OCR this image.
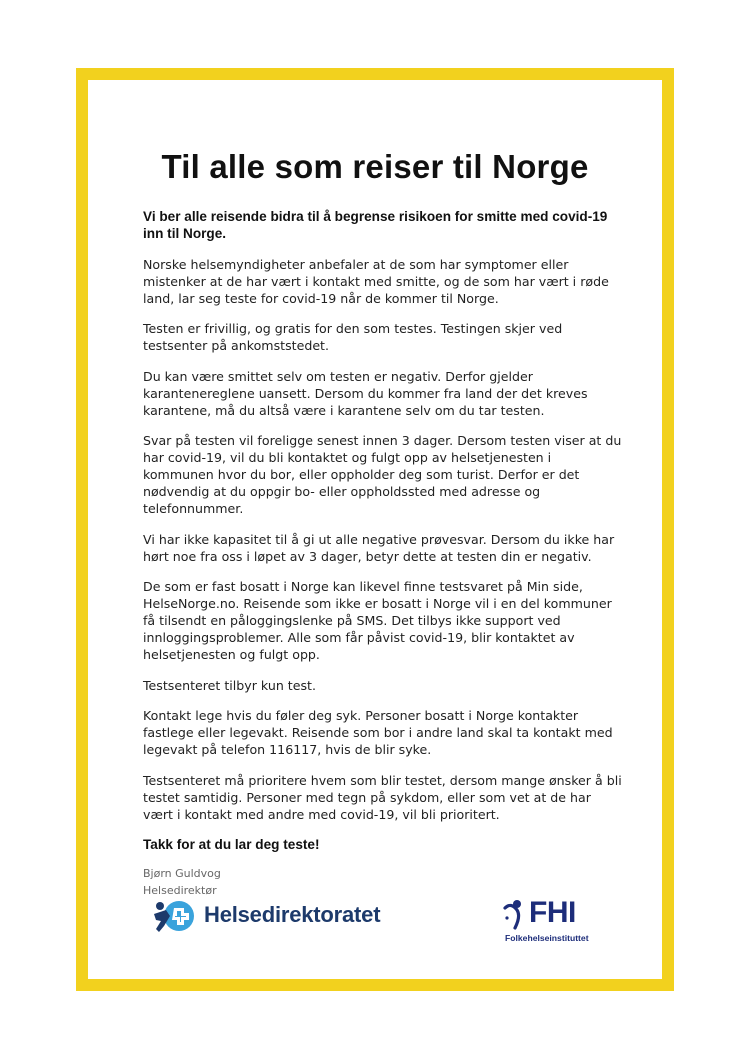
Til alle som reiser til Norge

Vi ber alle reisende bidra til å begrense risikoen for smitte med covid-19 inn til Norge.

Norske helsemyndigheter anbefaler at de som har symptomer eller mistenker at de har vært i kontakt med smitte, og de som har vært i røde land, lar seg teste for covid-19 når de kommer til Norge.

Testen er frivillig, og gratis for den som testes. Testingen skjer ved testsenter på ankomststedet.

Du kan være smittet selv om testen er negativ. Derfor gjelder karantenereglene uansett. Dersom du kommer fra land der det kreves karantene, må du altså være i karantene selv om du tar testen.

Svar på testen vil foreligge senest innen 3 dager. Dersom testen viser at du har covid-19, vil du bli kontaktet og fulgt opp av helsetjenesten i kommunen hvor du bor, eller oppholder deg som turist. Derfor er det nødvendig at du oppgir bo- eller oppholdssted med adresse og telefonnummer.

Vi har ikke kapasitet til å gi ut alle negative prøvesvar. Dersom du ikke har hørt noe fra oss i løpet av 3 dager, betyr dette at testen din er negativ.

De som er fast bosatt i Norge kan likevel finne testsvaret på Min side, HelseNorge.no. Reisende som ikke er bosatt i Norge vil i en del kommuner få tilsendt en påloggingslenke på SMS. Det tilbys ikke support ved innloggingsproblemer. Alle som får påvist covid-19, blir kontaktet av helsetjenesten og fulgt opp.

Testsenteret tilbyr kun test.

Kontakt lege hvis du føler deg syk. Personer bosatt i Norge kontakter fastlege eller legevakt. Reisende som bor i andre land skal ta kontakt med legevakt på telefon 116117, hvis de blir syke.

Testsenteret må prioritere hvem som blir testet, dersom mange ønsker å bli testet samtidig. Personer med tegn på sykdom, eller som vet at de har vært i kontakt med andre med covid-19, vil bli prioritert.

Takk for at du lar deg teste!

Bjørn Guldvog
Helsedirektør
Helsedirektoratet	FHI
Folkehelseinstituttet
